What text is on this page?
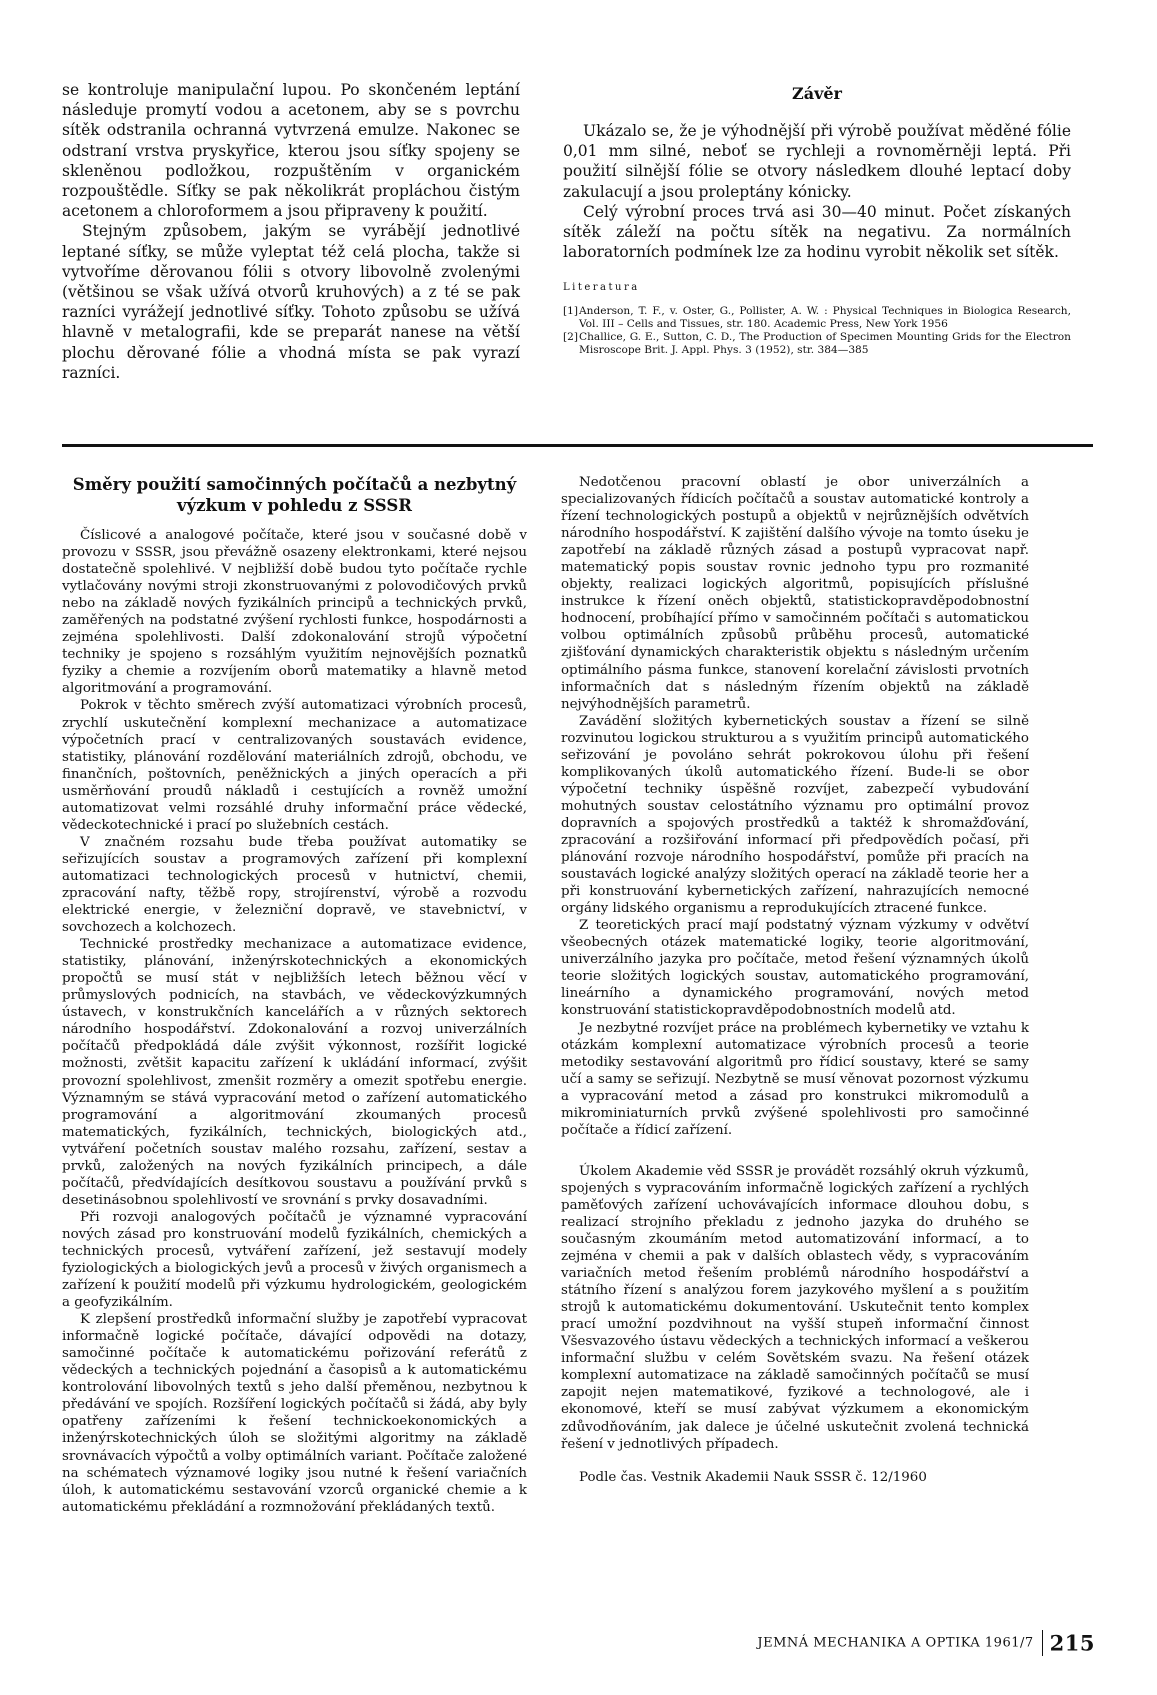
se kontroluje manipulační lupou. Po skončeném leptání následuje promytí vodou a acetonem, aby se s povrchu sítěk odstranila ochranná vytvrzená emulze. Nakonec se odstraní vrstva pryskyřice, kterou jsou síťky spojeny se skleněnou podložkou, rozpuštěním v organickém rozpouštědle. Síťky se pak několikrát propláchou čistým acetonem a chloroformem a jsou připraveny k použití.

Stejným způsobem, jakým se vyrábějí jednotlivé leptané síťky, se může vyleptat též celá plocha, takže si vytvoříme děrovanou fólii s otvory libovolně zvolenými (většinou se však užívá otvorů kruhových) a z té se pak razníci vyrážejí jednotlivé síťky. Tohoto způsobu se užívá hlavně v metalografii, kde se preparát nanese na větší plochu děrované fólie a vhodná místa se pak vyrazí razníci.

Závěr

Ukázalo se, že je výhodnější při výrobě používat měděné fólie 0,01 mm silné, neboť se rychleji a rovnoměrněji leptá. Při použití silnější fólie se otvory následkem dlouhé leptací doby zakulacují a jsou proleptány kónicky.

Celý výrobní proces trvá asi 30—40 minut. Počet získaných sítěk záleží na počtu sítěk na negativu. Za normálních laboratorních podmínek lze za hodinu vyrobit několik set sítěk.

Literatura
[1]Anderson, T. F., v. Oster, G., Pollister, A. W. : Physical Techniques in Biologica Research, Vol. III – Cells and Tissues, str. 180. Academic Press, New York 1956
[2]Challice, G. E., Sutton, C. D., The Production of Specimen Mounting Grids for the Electron Misroscope Brit. J. Appl. Phys. 3 (1952), str. 384—385
Směry použití samočinných počítačů a nezbytný výzkum v pohledu z SSSR

Číslicové a analogové počítače, které jsou v současné době v provozu v SSSR, jsou převážně osazeny elektronkami, které nejsou dostatečně spolehlivé. V nejbližší době budou tyto počítače rychle vytlačovány novými stroji zkonstruovanými z polovodičových prvků nebo na základě nových fyzikálních principů a technických prvků, zaměřených na podstatné zvýšení rychlosti funkce, hospodárnosti a zejména spolehlivosti. Další zdokonalování strojů výpočetní techniky je spojeno s rozsáhlým využitím nejnovějších poznatků fyziky a chemie a rozvíjením oborů matematiky a hlavně metod algoritmování a programování.

Pokrok v těchto směrech zvýší automatizaci výrobních procesů, zrychlí uskutečnění komplexní mechanizace a automatizace výpočetních prací v centralizovaných soustavách evidence, statistiky, plánování rozdělování materiálních zdrojů, obchodu, ve finančních, poštovních, peněžnických a jiných operacích a při usměrňování proudů nákladů i cestujících a rovněž umožní automatizovat velmi rozsáhlé druhy informační práce vědecké, vědeckotechnické i prací po služebních cestách.

V značném rozsahu bude třeba používat automatiky se seřizujících soustav a programových zařízení při komplexní automatizaci technologických procesů v hutnictví, chemii, zpracování nafty, těžbě ropy, strojírenství, výrobě a rozvodu elektrické energie, v železniční dopravě, ve stavebnictví, v sovchozech a kolchozech.

Technické prostředky mechanizace a automatizace evidence, statistiky, plánování, inženýrskotechnických a ekonomických propočtů se musí stát v nejbližších letech běžnou věcí v průmyslových podnicích, na stavbách, ve vědeckovýzkumných ústavech, v konstrukčních kancelářích a v různých sektorech národního hospodářství. Zdokonalování a rozvoj univerzálních počítačů předpokládá dále zvýšit výkonnost, rozšířit logické možnosti, zvětšit kapacitu zařízení k ukládání informací, zvýšit provozní spolehlivost, zmenšit rozměry a omezit spotřebu energie. Významným se stává vypracování metod o zařízení automatického programování a algoritmování zkoumaných procesů matematických, fyzikálních, technických, biologických atd., vytváření početních soustav malého rozsahu, zařízení, sestav a prvků, založených na nových fyzikálních principech, a dále počítačů, předvídajících desítkovou soustavu a používání prvků s desetinásobnou spolehlivostí ve srovnání s prvky dosavadními.

Při rozvoji analogových počítačů je významné vypracování nových zásad pro konstruování modelů fyzikálních, chemických a technických procesů, vytváření zařízení, jež sestavují modely fyziologických a biologických jevů a procesů v živých organismech a zařízení k použití modelů při výzkumu hydrologickém, geologickém a geofyzikálním.

K zlepšení prostředků informační služby je zapotřebí vypracovat informačně logické počítače, dávající odpovědi na dotazy, samočinné počítače k automatickému pořizování referátů z vědeckých a technických pojednání a časopisů a k automatickému kontrolování libovolných textů s jeho další přeměnou, nezbytnou k předávání ve spojích. Rozšíření logických počítačů si žádá, aby byly opatřeny zařízeními k řešení technickoekonomických a inženýrskotechnických úloh se složitými algoritmy na základě srovnávacích výpočtů a volby optimálních variant. Počítače založené na schématech významové logiky jsou nutné k řešení variačních úloh, k automatickému sestavování vzorců organické chemie a k automatickému překládání a rozmnožování překládaných textů.

Nedotčenou pracovní oblastí je obor univerzálních a specializovaných řídicích počítačů a soustav automatické kontroly a řízení technologických postupů a objektů v nejrůznějších odvětvích národního hospodářství. K zajištění dalšího vývoje na tomto úseku je zapotřebí na základě různých zásad a postupů vypracovat např. matematický popis soustav rovnic jednoho typu pro rozmanité objekty, realizaci logických algoritmů, popisujících příslušné instrukce k řízení oněch objektů, statistickopravděpodobnostní hodnocení, probíhající přímo v samočinném počítači s automatickou volbou optimálních způsobů průběhu procesů, automatické zjišťování dynamických charakteristik objektu s následným určením optimálního pásma funkce, stanovení korelační závislosti prvotních informačních dat s následným řízením objektů na základě nejvýhodnějších parametrů.

Zavádění složitých kybernetických soustav a řízení se silně rozvinutou logickou strukturou a s využitím principů automatického seřizování je povoláno sehrát pokrokovou úlohu při řešení komplikovaných úkolů automatického řízení. Bude-li se obor výpočetní techniky úspěšně rozvíjet, zabezpečí vybudování mohutných soustav celostátního významu pro optimální provoz dopravních a spojových prostředků a taktéž k shromažďování, zpracování a rozšiřování informací při předpovědích počasí, při plánování rozvoje národního hospodářství, pomůže při pracích na soustavách logické analýzy složitých operací na základě teorie her a při konstruování kybernetických zařízení, nahrazujících nemocné orgány lidského organismu a reprodukujících ztracené funkce.

Z teoretických prací mají podstatný význam výzkumy v odvětví všeobecných otázek matematické logiky, teorie algoritmování, univerzálního jazyka pro počítače, metod řešení významných úkolů teorie složitých logických soustav, automatického programování, lineárního a dynamického programování, nových metod konstruování statistickopravděpodobnostních modelů atd.

Je nezbytné rozvíjet práce na problémech kybernetiky ve vztahu k otázkám komplexní automatizace výrobních procesů a teorie metodiky sestavování algoritmů pro řídicí soustavy, které se samy učí a samy se seřizují. Nezbytně se musí věnovat pozornost výzkumu a vypracování metod a zásad pro konstrukci mikromodulů a mikrominiaturních prvků zvýšené spolehlivosti pro samočinné počítače a řídicí zařízení.

Úkolem Akademie věd SSSR je provádět rozsáhlý okruh výzkumů, spojených s vypracováním informačně logických zařízení a rychlých paměťových zařízení uchovávajících informace dlouhou dobu, s realizací strojního překladu z jednoho jazyka do druhého se současným zkoumáním metod automatizování informací, a to zejména v chemii a pak v dalších oblastech vědy, s vypracováním variačních metod řešením problémů národního hospodářství a státního řízení s analýzou forem jazykového myšlení a s použitím strojů k automatickému dokumentování. Uskutečnit tento komplex prací umožní pozdvihnout na vyšší stupeň informační činnost Všesvazového ústavu vědeckých a technických informací a veškerou informační službu v celém Sovětském svazu. Na řešení otázek komplexní automatizace na základě samočinných počítačů se musí zapojit nejen matematikové, fyzikové a technologové, ale i ekonomové, kteří se musí zabývat výzkumem a ekonomickým zdůvodňováním, jak dalece je účelné uskutečnit zvolená technická řešení v jednotlivých případech.

Podle čas. Vestnik Akademii Nauk SSSR č. 12/1960

JEMNÁ MECHANIKA A OPTIKA 1961/7 215
